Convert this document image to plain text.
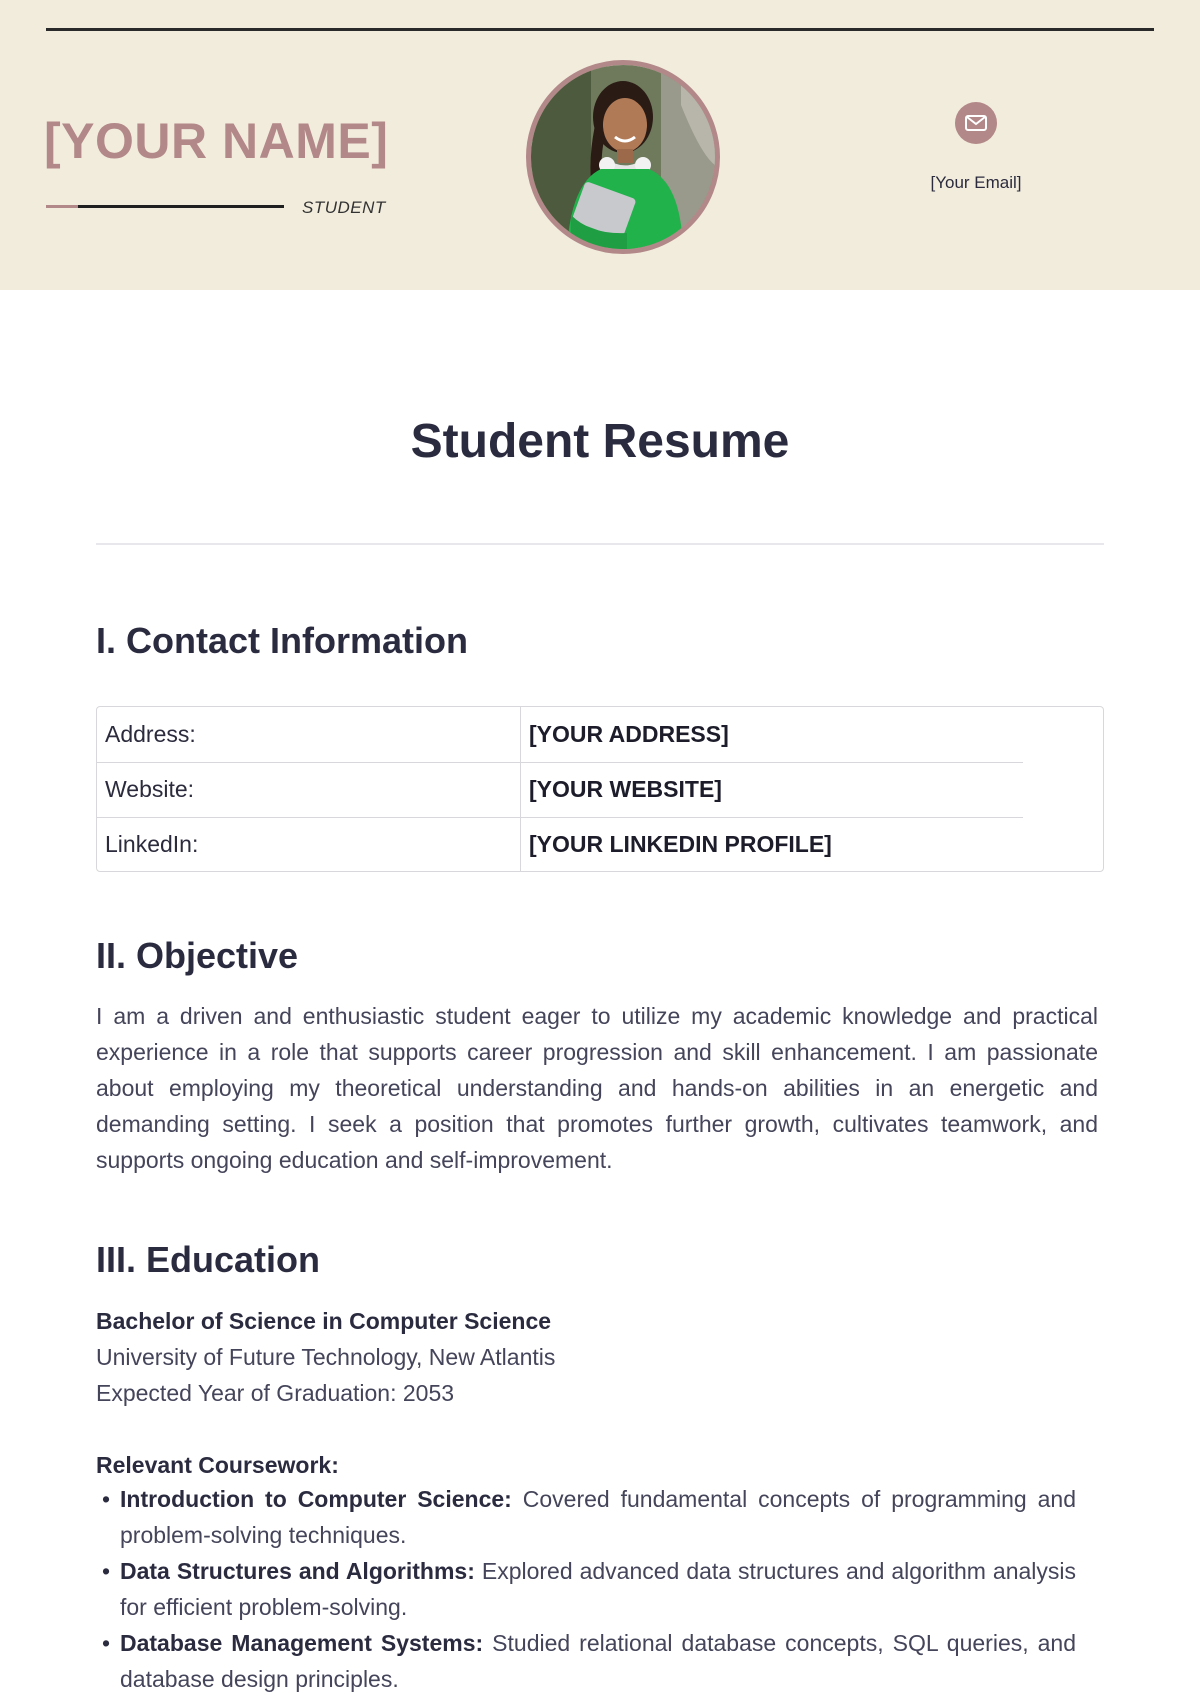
[YOUR NAME]
STUDENT
[Your Email]
Student Resume
I. Contact Information
Address:	[YOUR ADDRESS]
Website:	[YOUR WEBSITE]
LinkedIn:	[YOUR LINKEDIN PROFILE]
II. Objective

I am a driven and enthusiastic student eager to utilize my academic knowledge and practical experience in a role that supports career progression and skill enhancement. I am passionate about employing my theoretical understanding and hands-on abilities in an energetic and demanding setting. I seek a position that promotes further growth, cultivates teamwork, and supports ongoing education and self-improvement.

III. Education
Bachelor of Science in Computer Science
University of Future Technology, New Atlantis
Expected Year of Graduation: 2053
Relevant Coursework:
• Introduction to Computer Science: Covered fundamental concepts of programming and problem-solving techniques.
• Data Structures and Algorithms: Explored advanced data structures and algorithm analysis for efficient problem-solving.
• Database Management Systems: Studied relational database concepts, SQL queries, and database design principles.
